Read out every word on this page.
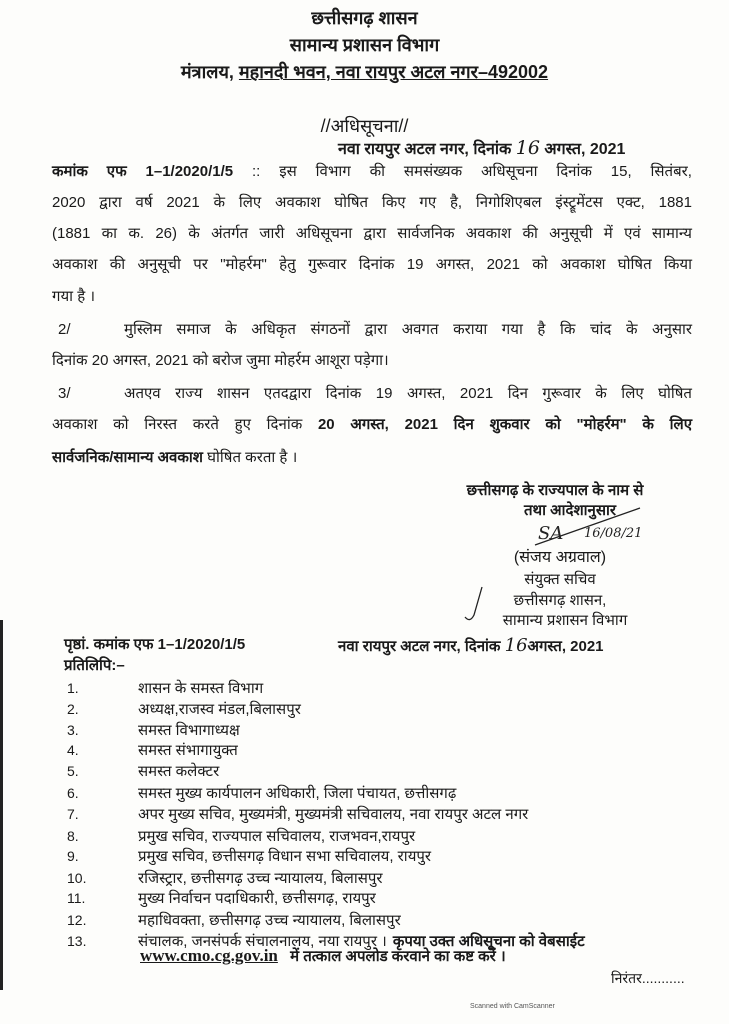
छत्तीसगढ़ शासन
सामान्य प्रशासन विभाग
मंत्रालय, महानदी भवन, नवा रायपुर अटल नगर–492002
//अधिसूचना//
नवा रायपुर अटल नगर, दिनांक 16 अगस्त, 2021
कमांक एफ 1–1/2020/1/5 :: इस विभाग की समसंख्यक अधिसूचना दिनांक 15, सितंबर,
2020 द्वारा वर्ष 2021 के लिए अवकाश घोषित किए गए है, निगोशिएबल इंस्ट्रूमेंटस एक्ट, 1881
(1881 का क. 26) के अंतर्गत जारी अधिसूचना द्वारा सार्वजनिक अवकाश की अनुसूची में एवं सामान्य
अवकाश की अनुसूची पर "मोहर्रम" हेतु गुरूवार दिनांक 19 अगस्त, 2021 को अवकाश घोषित किया
गया है ।
2/	मुस्लिम समाज के अधिकृत संगठनों द्वारा अवगत कराया गया है कि चांद के अनुसार
दिनांक 20 अगस्त, 2021 को बरोज जुमा मोहर्रम आशूरा पड़ेगा।
3/	अतएव राज्य शासन एतदद्वारा दिनांक 19 अगस्त, 2021 दिन गुरूवार के लिए घोषित
अवकाश को निरस्त करते हुए दिनांक 20 अगस्त, 2021 दिन शुकवार को "मोहर्रम" के लिए
सार्वजनिक/सामान्य अवकाश घोषित करता है ।
छत्तीसगढ़ के राज्यपाल के नाम से
तथा आदेशानुसार
SA 16/08/21
(संजय अग्रवाल)
संयुक्त सचिव
छत्तीसगढ़ शासन,
सामान्य प्रशासन विभाग
पृष्ठां. कमांक एफ 1–1/2020/1/5	नवा रायपुर अटल नगर, दिनांक 16अगस्त, 2021
प्रतिलिपि:–
1.	शासन के समस्त विभाग
2.	अध्यक्ष,राजस्व मंडल,बिलासपुर
3.	समस्त विभागाध्यक्ष
4.	समस्त संभागायुक्त
5.	समस्त कलेक्टर
6.	समस्त मुख्य कार्यपालन अधिकारी, जिला पंचायत, छत्तीसगढ़
7.	अपर मुख्य सचिव, मुख्यमंत्री, मुख्यमंत्री सचिवालय, नवा रायपुर अटल नगर
8.	प्रमुख सचिव, राज्यपाल सचिवालय, राजभवन,रायपुर
9.	प्रमुख सचिव, छत्तीसगढ़ विधान सभा सचिवालय, रायपुर
10.	रजिस्ट्रार, छत्तीसगढ़ उच्च न्यायालय, बिलासपुर
11.	मुख्य निर्वाचन पदाधिकारी, छत्तीसगढ़, रायपुर
12.	महाधिवक्ता, छत्तीसगढ़ उच्च न्यायालय, बिलासपुर
13.	संचालक, जनसंपर्क संचालनालय, नया रायपुर । कृपया उक्त अधिसूचना को वेबसाईट
www.cmo.cg.gov.in में तत्काल अपलोड करवाने का कष्ट करें ।
निरंतर...........
Scanned with CamScanner
